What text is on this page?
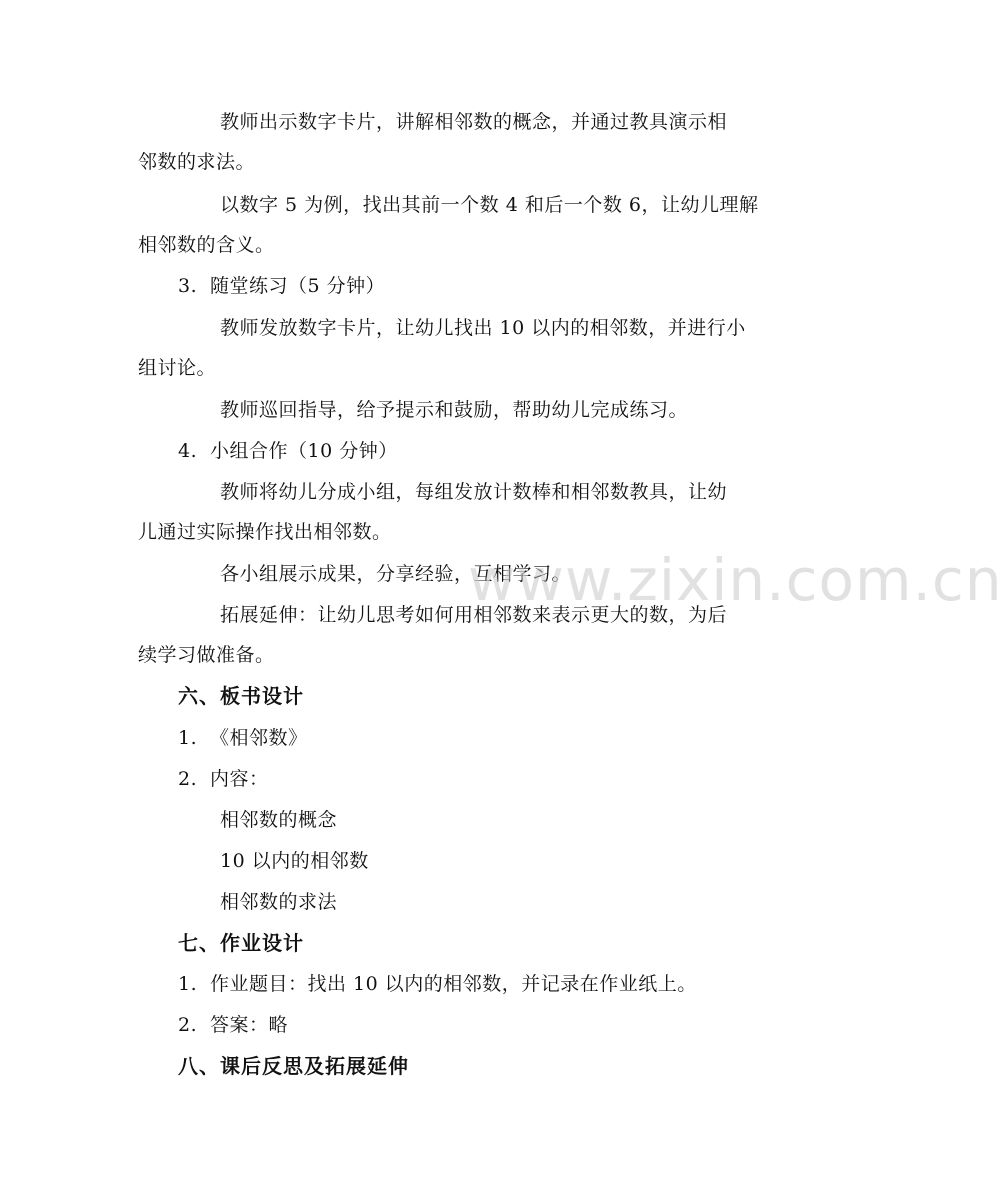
教师出示数字卡片，讲解相邻数的概念，并通过教具演示相
邻数的求法。
以数字 5 为例，找出其前一个数 4 和后一个数 6，让幼儿理解
相邻数的含义。
3. 随堂练习（5 分钟）
教师发放数字卡片，让幼儿找出 10 以内的相邻数，并进行小
组讨论。
教师巡回指导，给予提示和鼓励，帮助幼儿完成练习。
4. 小组合作（10 分钟）
教师将幼儿分成小组，每组发放计数棒和相邻数教具，让幼
儿通过实际操作找出相邻数。
各小组展示成果，分享经验，互相学习。
拓展延伸：让幼儿思考如何用相邻数来表示更大的数，为后
续学习做准备。
六、板书设计
1. 《相邻数》
2. 内容：
相邻数的概念
10 以内的相邻数
相邻数的求法
七、作业设计
1. 作业题目：找出 10 以内的相邻数，并记录在作业纸上。
2. 答案：略
八、课后反思及拓展延伸
www.zixin.com.cn
